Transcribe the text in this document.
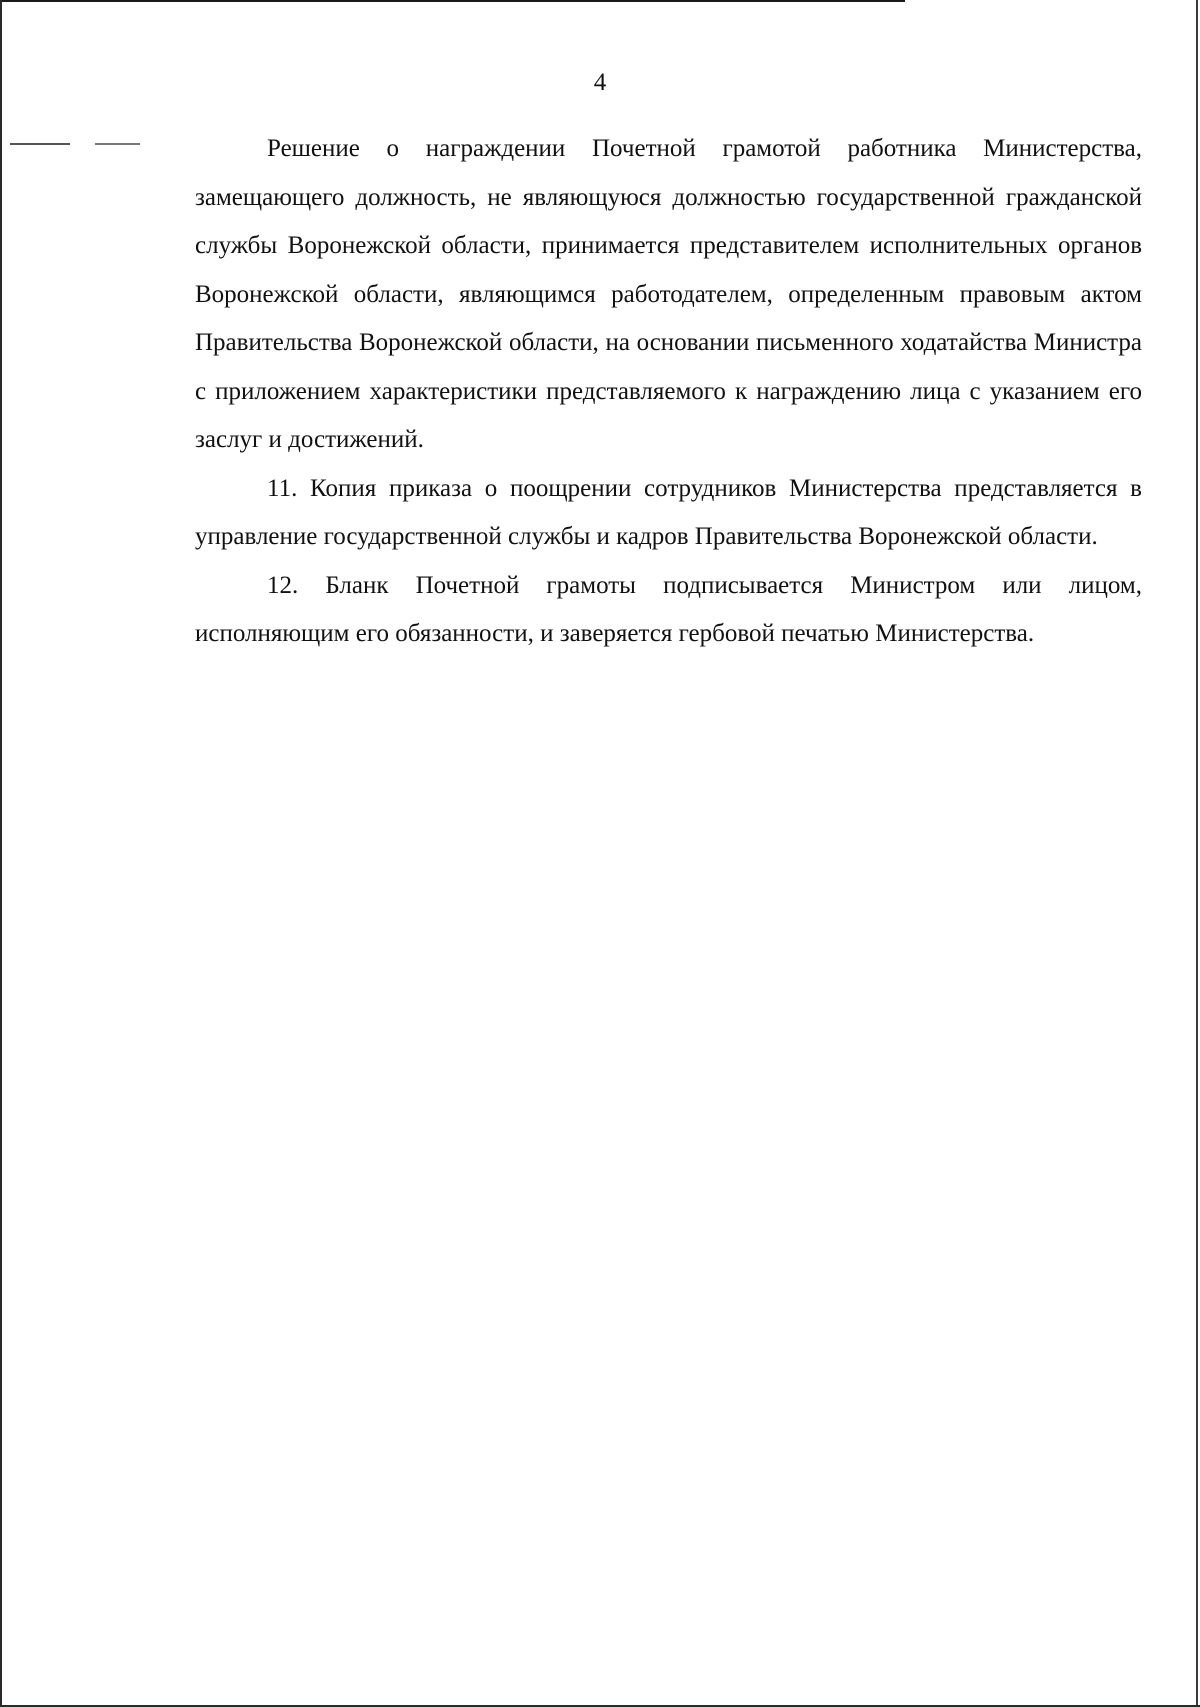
4

Решение о награждении Почетной грамотой работника Министерства, замещающего должность, не являющуюся должностью государственной гражданской службы Воронежской области, принимается представителем исполнительных органов Воронежской области, являющимся работодателем, определенным правовым актом Правительства Воронежской области, на основании письменного ходатайства Министра с приложением характеристики представляемого к награждению лица с указанием его заслуг и достижений.

11. Копия приказа о поощрении сотрудников Министерства представляется в управление государственной службы и кадров Правительства Воронежской области.

12. Бланк Почетной грамоты подписывается Министром или лицом, исполняющим его обязанности, и заверяется гербовой печатью Министерства.
